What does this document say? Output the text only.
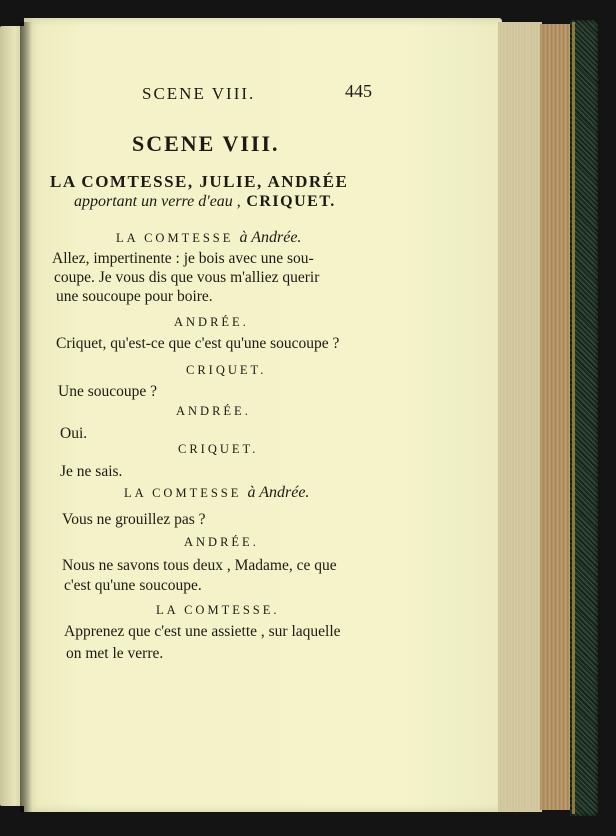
SCENE VIII.	445
SCENE VIII.
LA COMTESSE, JULIE, ANDRÉE
apportant un verre d'eau , CRIQUET.
LA COMTESSE à Andrée.
Allez, impertinente : je bois avec une sou-
coupe. Je vous dis que vous m'alliez querir
une soucoupe pour boire.
ANDRÉE.
Criquet, qu'est-ce que c'est qu'une soucoupe ?
CRIQUET.
Une soucoupe ?
ANDRÉE.
Oui.
CRIQUET.
Je ne sais.
LA COMTESSE à Andrée.
Vous ne grouillez pas ?
ANDRÉE.
Nous ne savons tous deux , Madame, ce que
c'est qu'une soucoupe.
LA COMTESSE.
Apprenez que c'est une assiette , sur laquelle
on met le verre.
